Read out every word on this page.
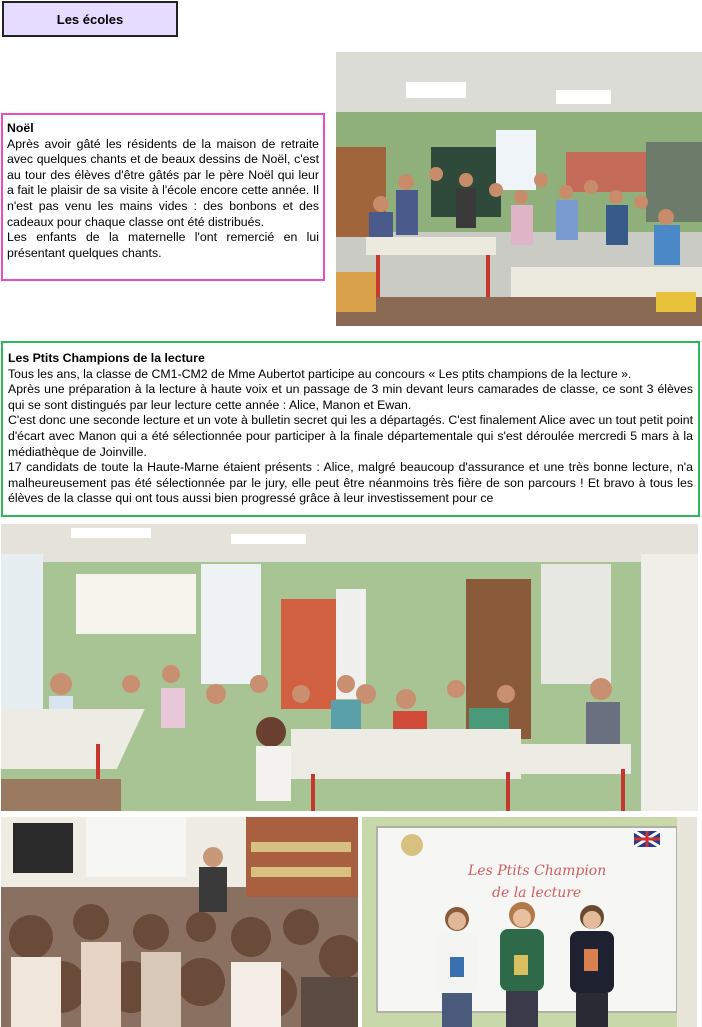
Les écoles
Noël

Après avoir gâté les résidents de la maison de retraite avec quelques chants et de beaux dessins de Noël, c'est au tour des élèves d'être gâtés par le père Noël qui leur a fait le plaisir de sa visite à l'école encore cette année. Il n'est pas venu les mains vides : des bonbons et des cadeaux pour chaque classe ont été distribués.

Les enfants de la maternelle l'ont remercié en lui présentant quelques chants.

Les Ptits Champions de la lecture

Tous les ans, la classe de CM1-CM2 de Mme Aubertot participe au concours « Les ptits champions de la lecture ».

Après une préparation à la lecture à haute voix et un passage de 3 min devant leurs camarades de classe, ce sont 3 élèves qui se sont distingués par leur lecture cette année : Alice, Manon et Ewan.

C'est donc une seconde lecture et un vote à bulletin secret qui les a départagés. C'est finalement Alice avec un tout petit point d'écart avec Manon qui a été sélectionnée pour participer à la finale départementale qui s'est déroulée mercredi 5 mars à la médiathèque de Joinville.

17 candidats de toute la Haute-Marne étaient présents : Alice, malgré beaucoup d'assurance et une très bonne lecture, n'a malheureusement pas été sélectionnée par le jury, elle peut être néanmoins très fière de son parcours ! Et bravo à tous les élèves de la classe qui ont tous aussi bien progressé grâce à leur investissement pour ce

Les Ptits Champion
de la lecture
